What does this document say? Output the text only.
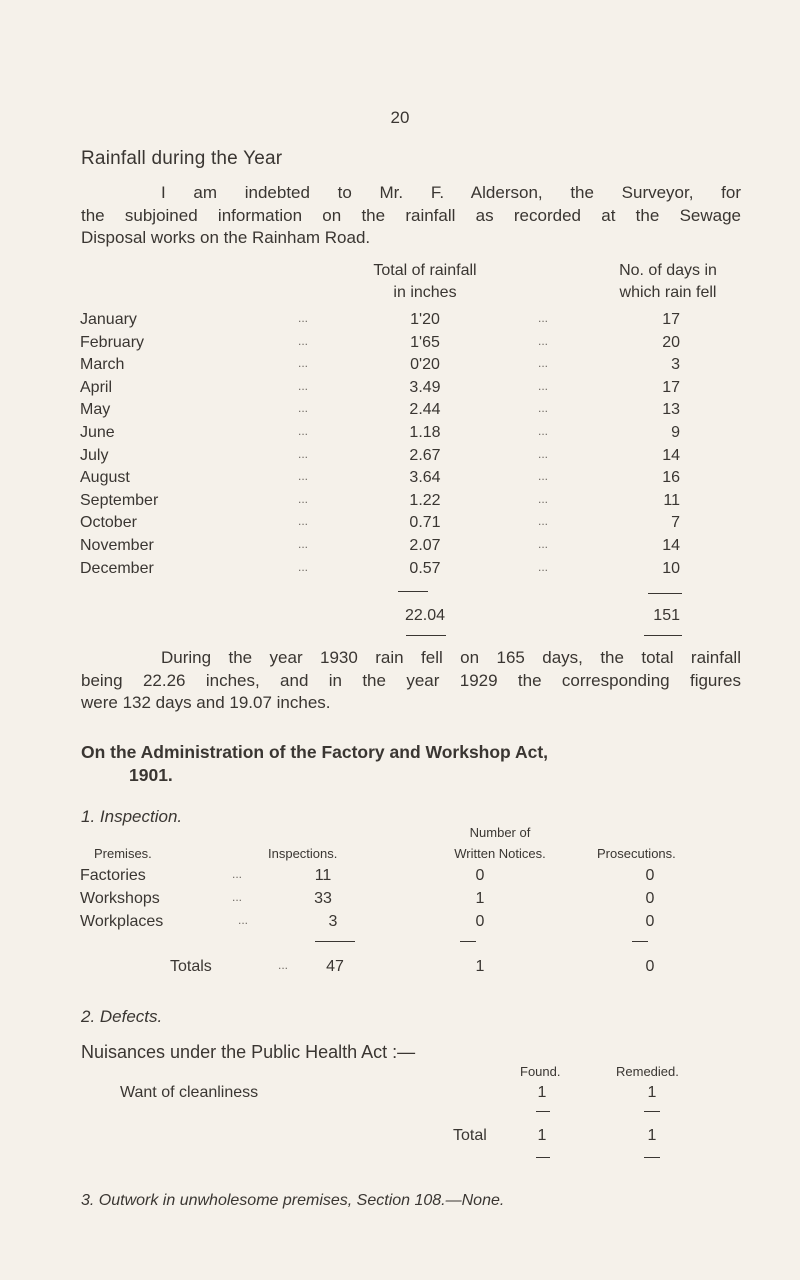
20
Rainfall during the Year
I am indebted to Mr. F. Alderson, the Surveyor, for
the subjoined information on the rainfall as recorded at the Sewage
Disposal works on the Rainham Road.
Total of rainfall
in inches
No. of days in
which rain fell
January	...	1'20	...	17
February	...	1'65	...	20
March	...	0'20	...	3
April	...	3.49	...	17
May	...	2.44	...	13
June	...	1.18	...	9
July	...	2.67	...	14
August	...	3.64	...	16
September	...	1.22	...	11
October	...	0.71	...	7
November	...	2.07	...	14
December	...	0.57	...	10
22.04	151
During the year 1930 rain fell on 165 days, the total rainfall
being 22.26 inches, and in the year 1929 the corresponding figures
were 132 days and 19.07 inches.
On the Administration of the Factory and Workshop Act,
1901.
1. Inspection.
Number of
Premises.	Inspections.	Written Notices.	Prosecutions.
Factories	...	11	0	0
Workshops	...	33	1	0
Workplaces	...	3	0	0
Totals	...	47	1	0
2. Defects.
Nuisances under the Public Health Act :—
Found.	Remedied.
Want of cleanliness	1	1
Total	1	1
3. Outwork in unwholesome premises, Section 108.—None.
